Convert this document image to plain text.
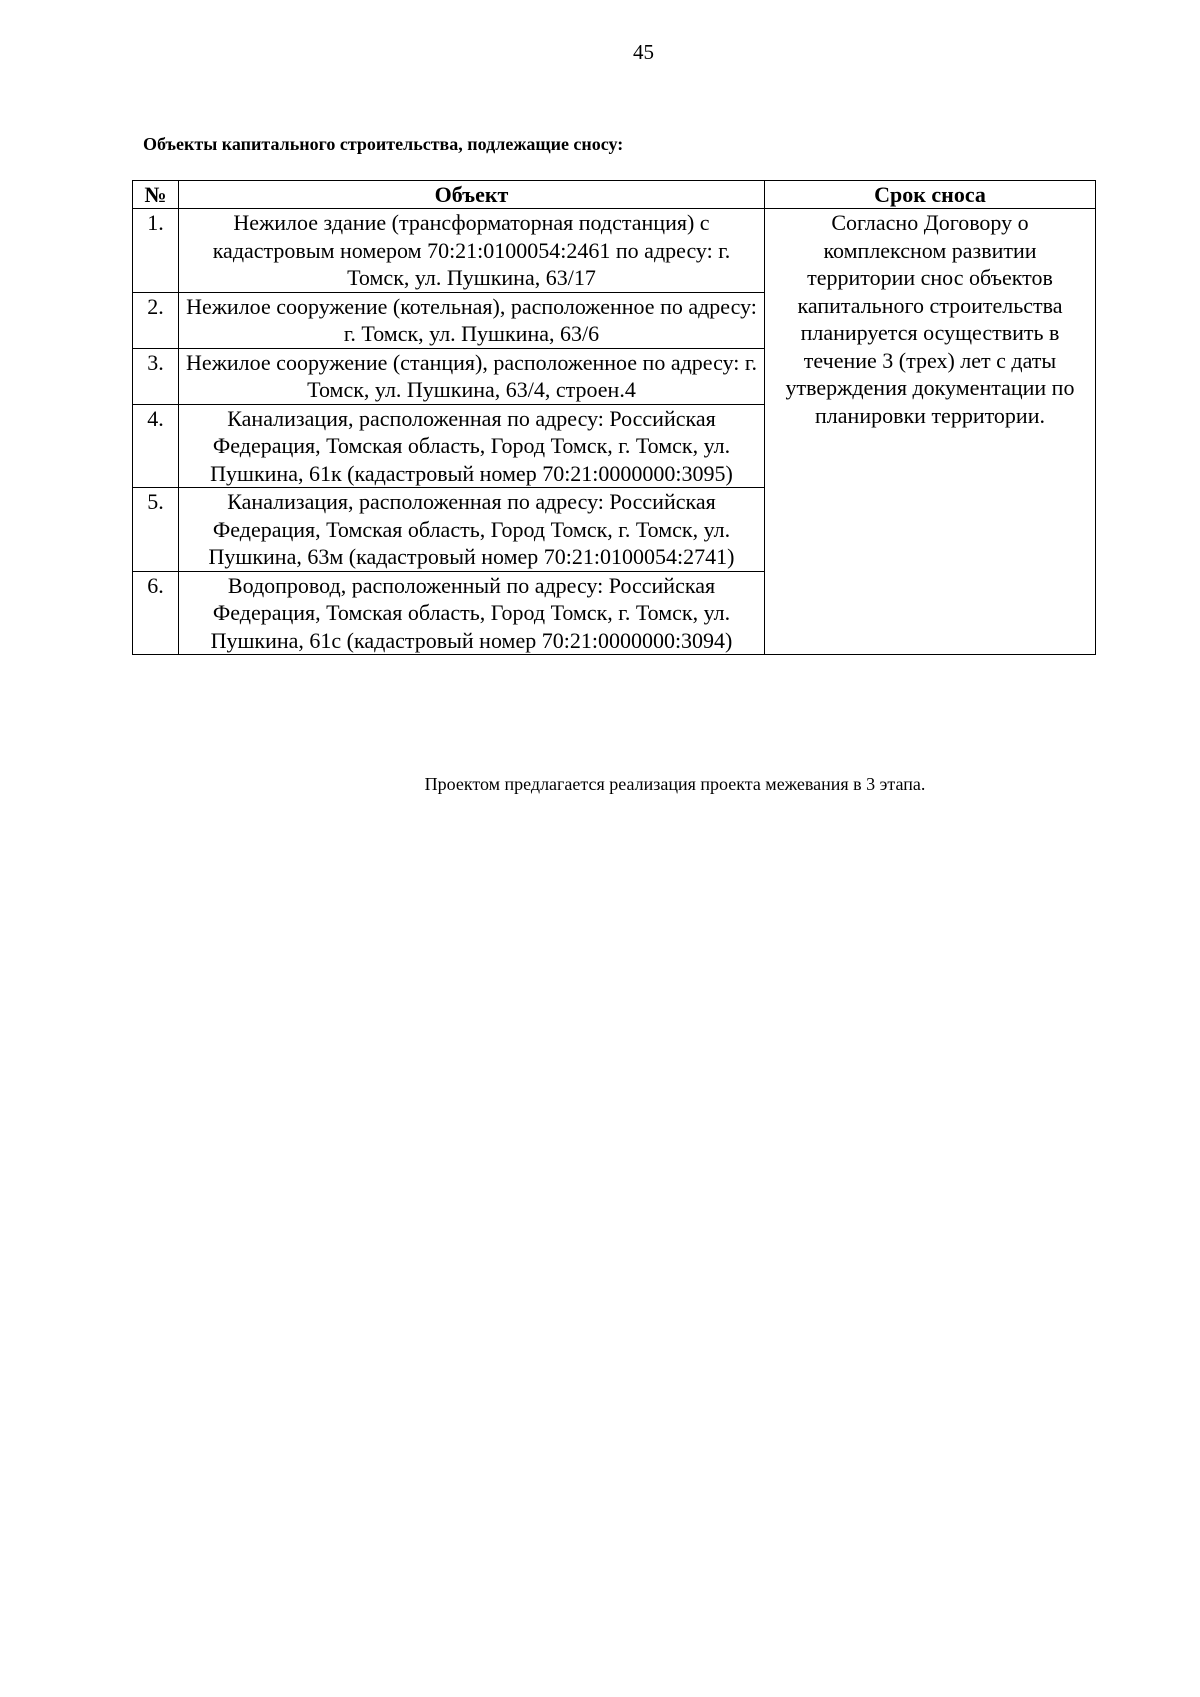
45
Объекты капитального строительства, подлежащие сносу:
№	Объект	Срок сноса
1.	Нежилое здание (трансформаторная подстанция) с кадастровым номером 70:21:0100054:2461 по адресу: г. Томск, ул. Пушкина, 63/17	Согласно Договору о комплексном развитии территории снос объектов капитального строительства планируется осуществить в течение 3 (трех) лет с даты утверждения документации по планировки территории.
2.	Нежилое сооружение (котельная), расположенное по адресу: г. Томск, ул. Пушкина, 63/6	
3.	Нежилое сооружение (станция), расположенное по адресу: г. Томск, ул. Пушкина, 63/4, строен.4	
4.	Канализация, расположенная по адресу: Российская Федерация, Томская область, Город Томск, г. Томск, ул. Пушкина, 61к (кадастровый номер 70:21:0000000:3095)	
5.	Канализация, расположенная по адресу: Российская Федерация, Томская область, Город Томск, г. Томск, ул. Пушкина, 63м (кадастровый номер 70:21:0100054:2741)	
6.	Водопровод, расположенный по адресу: Российская Федерация, Томская область, Город Томск, г. Томск, ул. Пушкина, 61с (кадастровый номер 70:21:0000000:3094)	
Проектом предлагается реализация проекта межевания в 3 этапа.
